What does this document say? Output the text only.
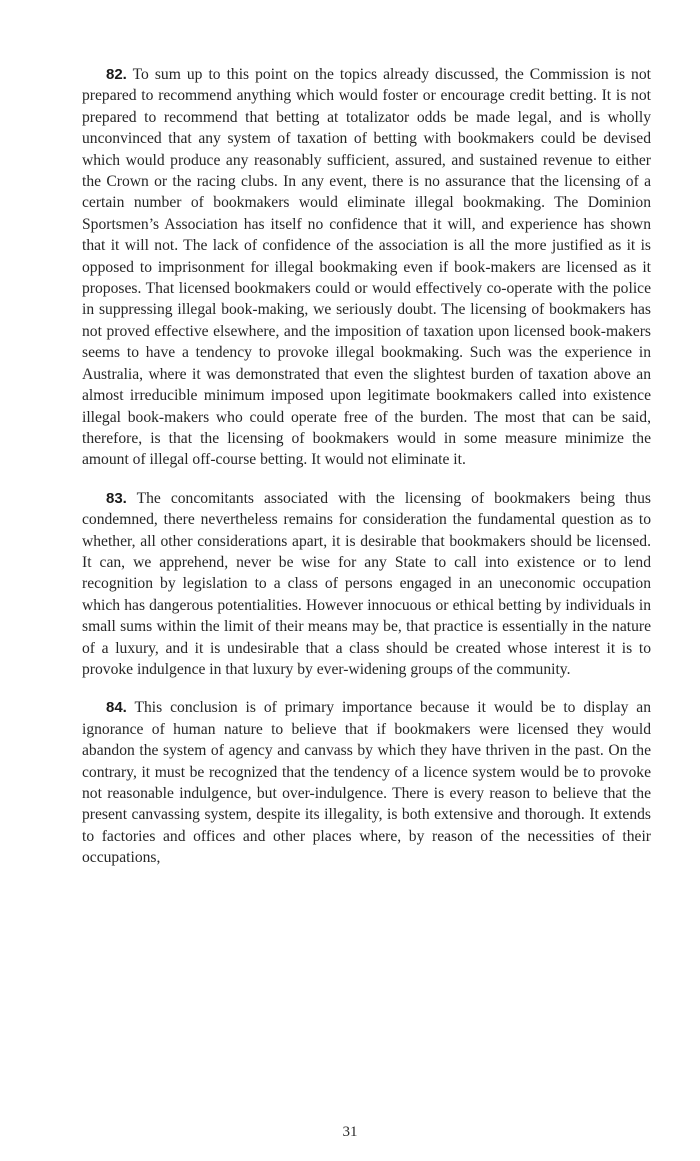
82. To sum up to this point on the topics already discussed, the Commission is not prepared to recommend anything which would foster or encourage credit betting. It is not prepared to recommend that betting at totalizator odds be made legal, and is wholly unconvinced that any system of taxation of betting with bookmakers could be devised which would produce any reasonably sufficient, assured, and sustained revenue to either the Crown or the racing clubs. In any event, there is no assurance that the licensing of a certain number of bookmakers would eliminate illegal bookmaking. The Dominion Sportsmen’s Association has itself no confidence that it will, and experience has shown that it will not. The lack of confidence of the association is all the more justified as it is opposed to imprisonment for illegal bookmaking even if book-makers are licensed as it proposes. That licensed bookmakers could or would effectively co-operate with the police in suppressing illegal book-making, we seriously doubt. The licensing of bookmakers has not proved effective elsewhere, and the imposition of taxation upon licensed book-makers seems to have a tendency to provoke illegal bookmaking. Such was the experience in Australia, where it was demonstrated that even the slightest burden of taxation above an almost irreducible minimum imposed upon legitimate bookmakers called into existence illegal book-makers who could operate free of the burden. The most that can be said, therefore, is that the licensing of bookmakers would in some measure minimize the amount of illegal off-course betting. It would not eliminate it.

83. The concomitants associated with the licensing of bookmakers being thus condemned, there nevertheless remains for consideration the fundamental question as to whether, all other considerations apart, it is desirable that bookmakers should be licensed. It can, we apprehend, never be wise for any State to call into existence or to lend recognition by legislation to a class of persons engaged in an uneconomic occupation which has dangerous potentialities. However innocuous or ethical betting by individuals in small sums within the limit of their means may be, that practice is essentially in the nature of a luxury, and it is undesirable that a class should be created whose interest it is to provoke indulgence in that luxury by ever-widening groups of the community.

84. This conclusion is of primary importance because it would be to display an ignorance of human nature to believe that if bookmakers were licensed they would abandon the system of agency and canvass by which they have thriven in the past. On the contrary, it must be recognized that the tendency of a licence system would be to provoke not reasonable indulgence, but over-indulgence. There is every reason to believe that the present canvassing system, despite its illegality, is both extensive and thorough. It extends to factories and offices and other places where, by reason of the necessities of their occupations,

31
